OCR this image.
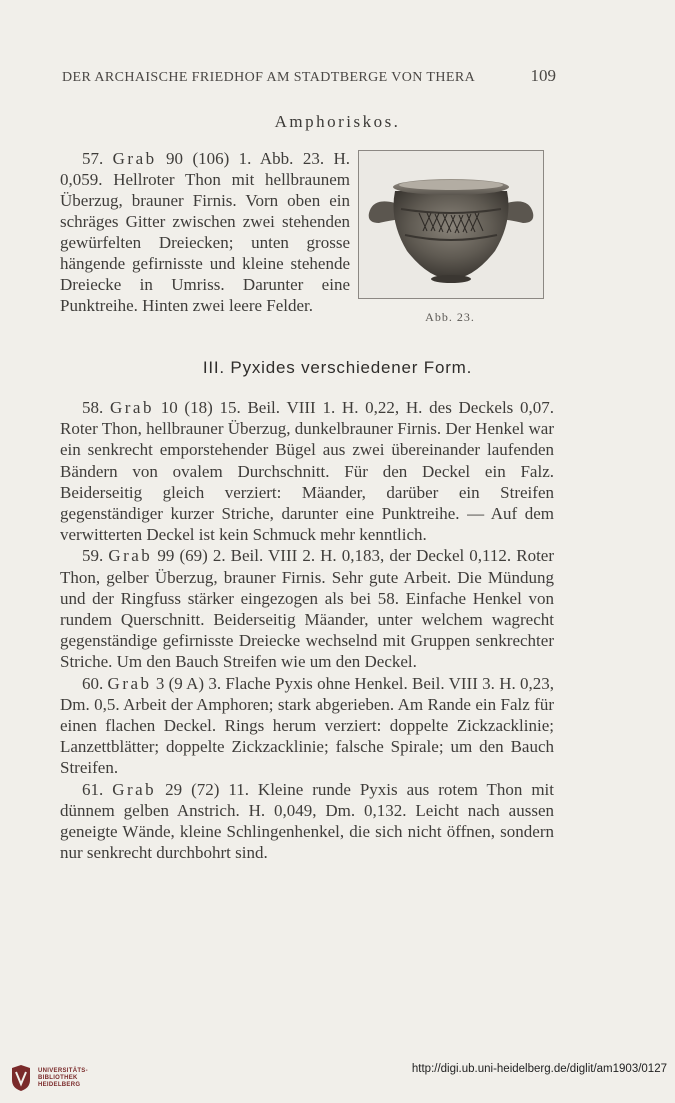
DER ARCHAISCHE FRIEDHOF AM STADTBERGE VON THERA	109
Amphoriskos.

57. Grab 90 (106) 1. Abb. 23. H. 0,059. Hellroter Thon mit hellbraunem Überzug, brauner Firnis. Vorn oben ein schräges Gitter zwischen zwei stehenden gewürfelten Dreiecken; unten grosse hängende gefirnisste und kleine stehende Dreiecke in Umriss. Darunter eine Punktreihe. Hinten zwei leere Felder.

Abb. 23.
III. Pyxides verschiedener Form.

58. Grab 10 (18) 15. Beil. VIII 1. H. 0,22, H. des Deckels 0,07. Roter Thon, hellbrauner Überzug, dunkelbrauner Firnis. Der Henkel war ein senkrecht emporstehender Bügel aus zwei übereinander laufenden Bändern von ovalem Durchschnitt. Für den Deckel ein Falz. Beiderseitig gleich verziert: Mäander, darüber ein Streifen gegenständiger kurzer Striche, darunter eine Punktreihe. — Auf dem verwitterten Deckel ist kein Schmuck mehr kenntlich.

59. Grab 99 (69) 2. Beil. VIII 2. H. 0,183, der Deckel 0,112. Roter Thon, gelber Überzug, brauner Firnis. Sehr gute Arbeit. Die Mündung und der Ringfuss stärker eingezogen als bei 58. Einfache Henkel von rundem Querschnitt. Beiderseitig Mäander, unter welchem wagrecht gegenständige gefirnisste Dreiecke wechselnd mit Gruppen senkrechter Striche. Um den Bauch Streifen wie um den Deckel.

60. Grab 3 (9 A) 3. Flache Pyxis ohne Henkel. Beil. VIII 3. H. 0,23, Dm. 0,5. Arbeit der Amphoren; stark abgerieben. Am Rande ein Falz für einen flachen Deckel. Rings herum verziert: doppelte Zickzacklinie; Lanzettblätter; doppelte Zickzacklinie; falsche Spirale; um den Bauch Streifen.

61. Grab 29 (72) 11. Kleine runde Pyxis aus rotem Thon mit dünnem gelben Anstrich. H. 0,049, Dm. 0,132. Leicht nach aussen geneigte Wände, kleine Schlingenhenkel, die sich nicht öffnen, sondern nur senkrecht durchbohrt sind.

UNIVERSITÄTS-
BIBLIOTHEK
HEIDELBERG
http://digi.ub.uni-heidelberg.de/diglit/am1903/0127
